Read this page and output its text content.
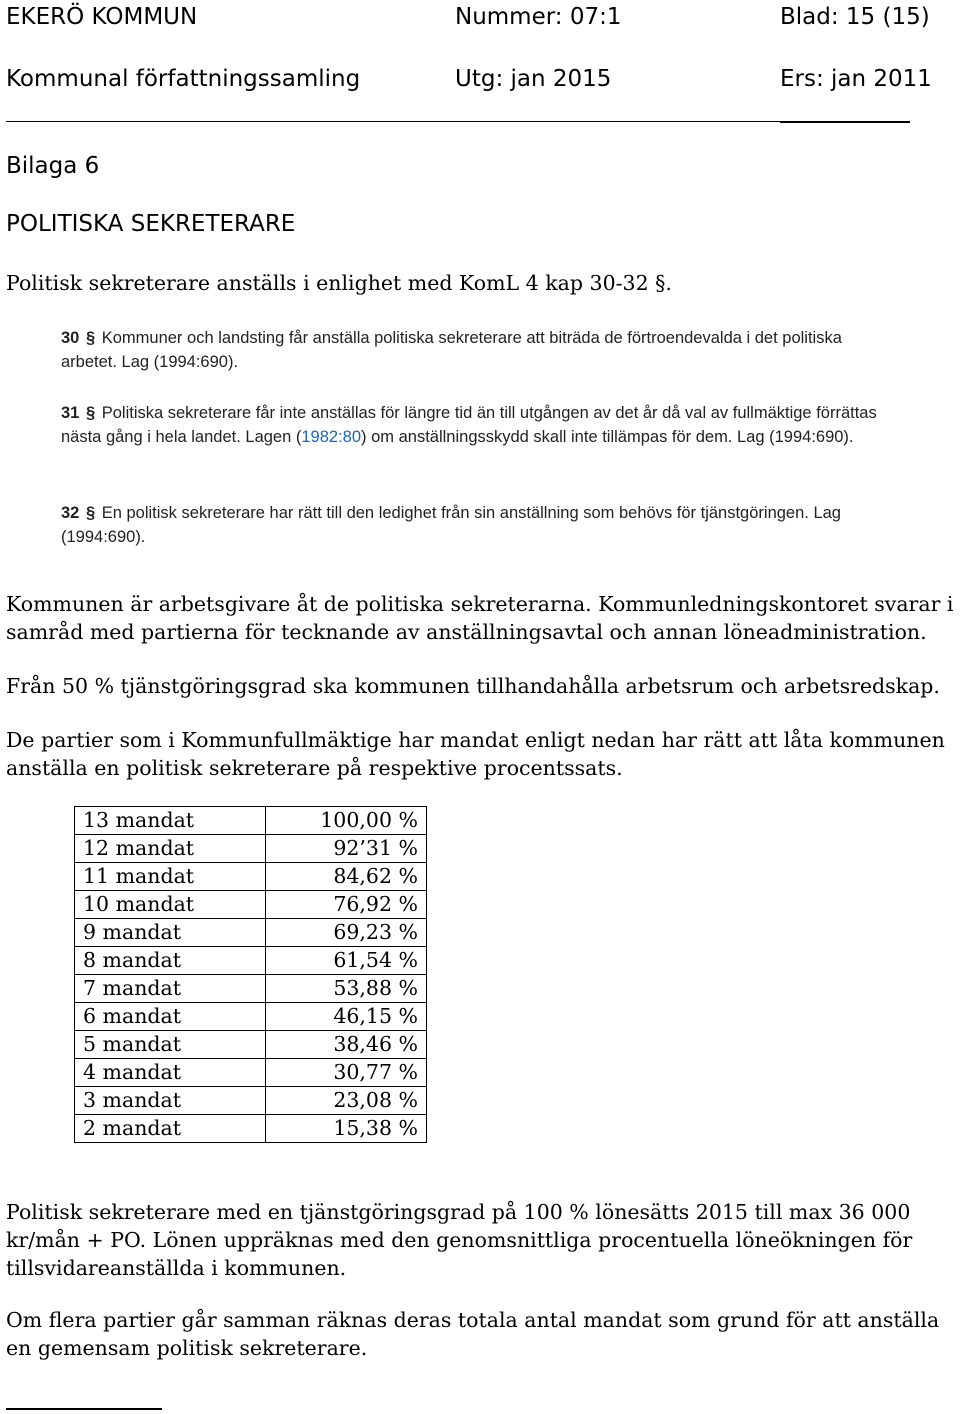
EKERÖ KOMMUN	Nummer: 07:1	Blad: 15 (15)
Kommunal författningssamling	Utg: jan 2015	Ers: jan 2011
Bilaga 6
POLITISKA SEKRETERARE
Politisk sekreterare anställs i enlighet med KomL 4 kap 30-32 §.
30 § Kommuner och landsting får anställa politiska sekreterare att biträda de förtroendevalda i det politiska arbetet. Lag (1994:690).
31 § Politiska sekreterare får inte anställas för längre tid än till utgången av det år då val av fullmäktige förrättas nästa gång i hela landet. Lagen (1982:80) om anställningsskydd skall inte tillämpas för dem. Lag (1994:690).
32 § En politisk sekreterare har rätt till den ledighet från sin anställning som behövs för tjänstgöringen. Lag (1994:690).
Kommunen är arbetsgivare åt de politiska sekreterarna. Kommunledningskontoret svarar i samråd med partierna för tecknande av anställningsavtal och annan löneadministration.
Från 50 % tjänstgöringsgrad ska kommunen tillhandahålla arbetsrum och arbetsredskap.
De partier som i Kommunfullmäktige har mandat enligt nedan har rätt att låta kommunen anställa en politisk sekreterare på respektive procentssats.
13 mandat	100,00 %
12 mandat	92’31 %
11 mandat	84,62 %
10 mandat	76,92 %
9 mandat	69,23 %
8 mandat	61,54 %
7 mandat	53,88 %
6 mandat	46,15 %
5 mandat	38,46 %
4 mandat	30,77 %
3 mandat	23,08 %
2 mandat	15,38 %
Politisk sekreterare med en tjänstgöringsgrad på 100 % lönesätts 2015 till max 36 000 kr/mån + PO. Lönen uppräknas med den genomsnittliga procentuella löneökningen för tillsvidareanställda i kommunen.
Om flera partier går samman räknas deras totala antal mandat som grund för att anställa en gemensam politisk sekreterare.
